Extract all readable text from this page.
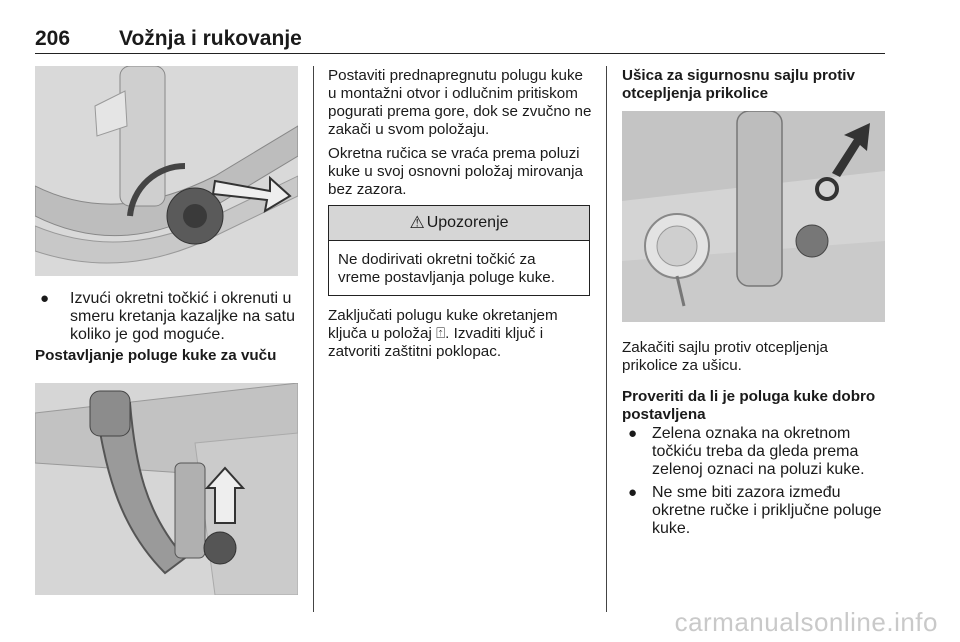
206 Vožnja i rukovanje
● Izvući okretni točkić i okrenuti u smeru kretanja kazaljke na satu koliko je god moguće.

Postavljanje poluge kuke za vuču

Postaviti prednapregnutu polugu kuke u montažni otvor i odlučnim pritiskom pogurati prema gore, dok se zvučno ne zakači u svom položaju.

Okretna ručica se vraća prema poluzi kuke u svoj osnovni položaj mirovanja bez zazora.

⚠ Upozorenje

Ne dodirivati okretni točkić za vreme postavljanja poluge kuke.

Zaključati polugu kuke okretanjem ključa u položaj ⍐. Izvaditi ključ i zatvoriti zaštitni poklopac.

Ušica za sigurnosnu sajlu protiv otcepljenja prikolice

Zakačiti sajlu protiv otcepljenja prikolice za ušicu.

Proveriti da li je poluga kuke dobro postavljena

● Zelena oznaka na okretnom točkiću treba da gleda prema zelenoj oznaci na poluzi kuke.

● Ne sme biti zazora između okretne ručke i priključne poluge kuke.

carmanualsonline.info
